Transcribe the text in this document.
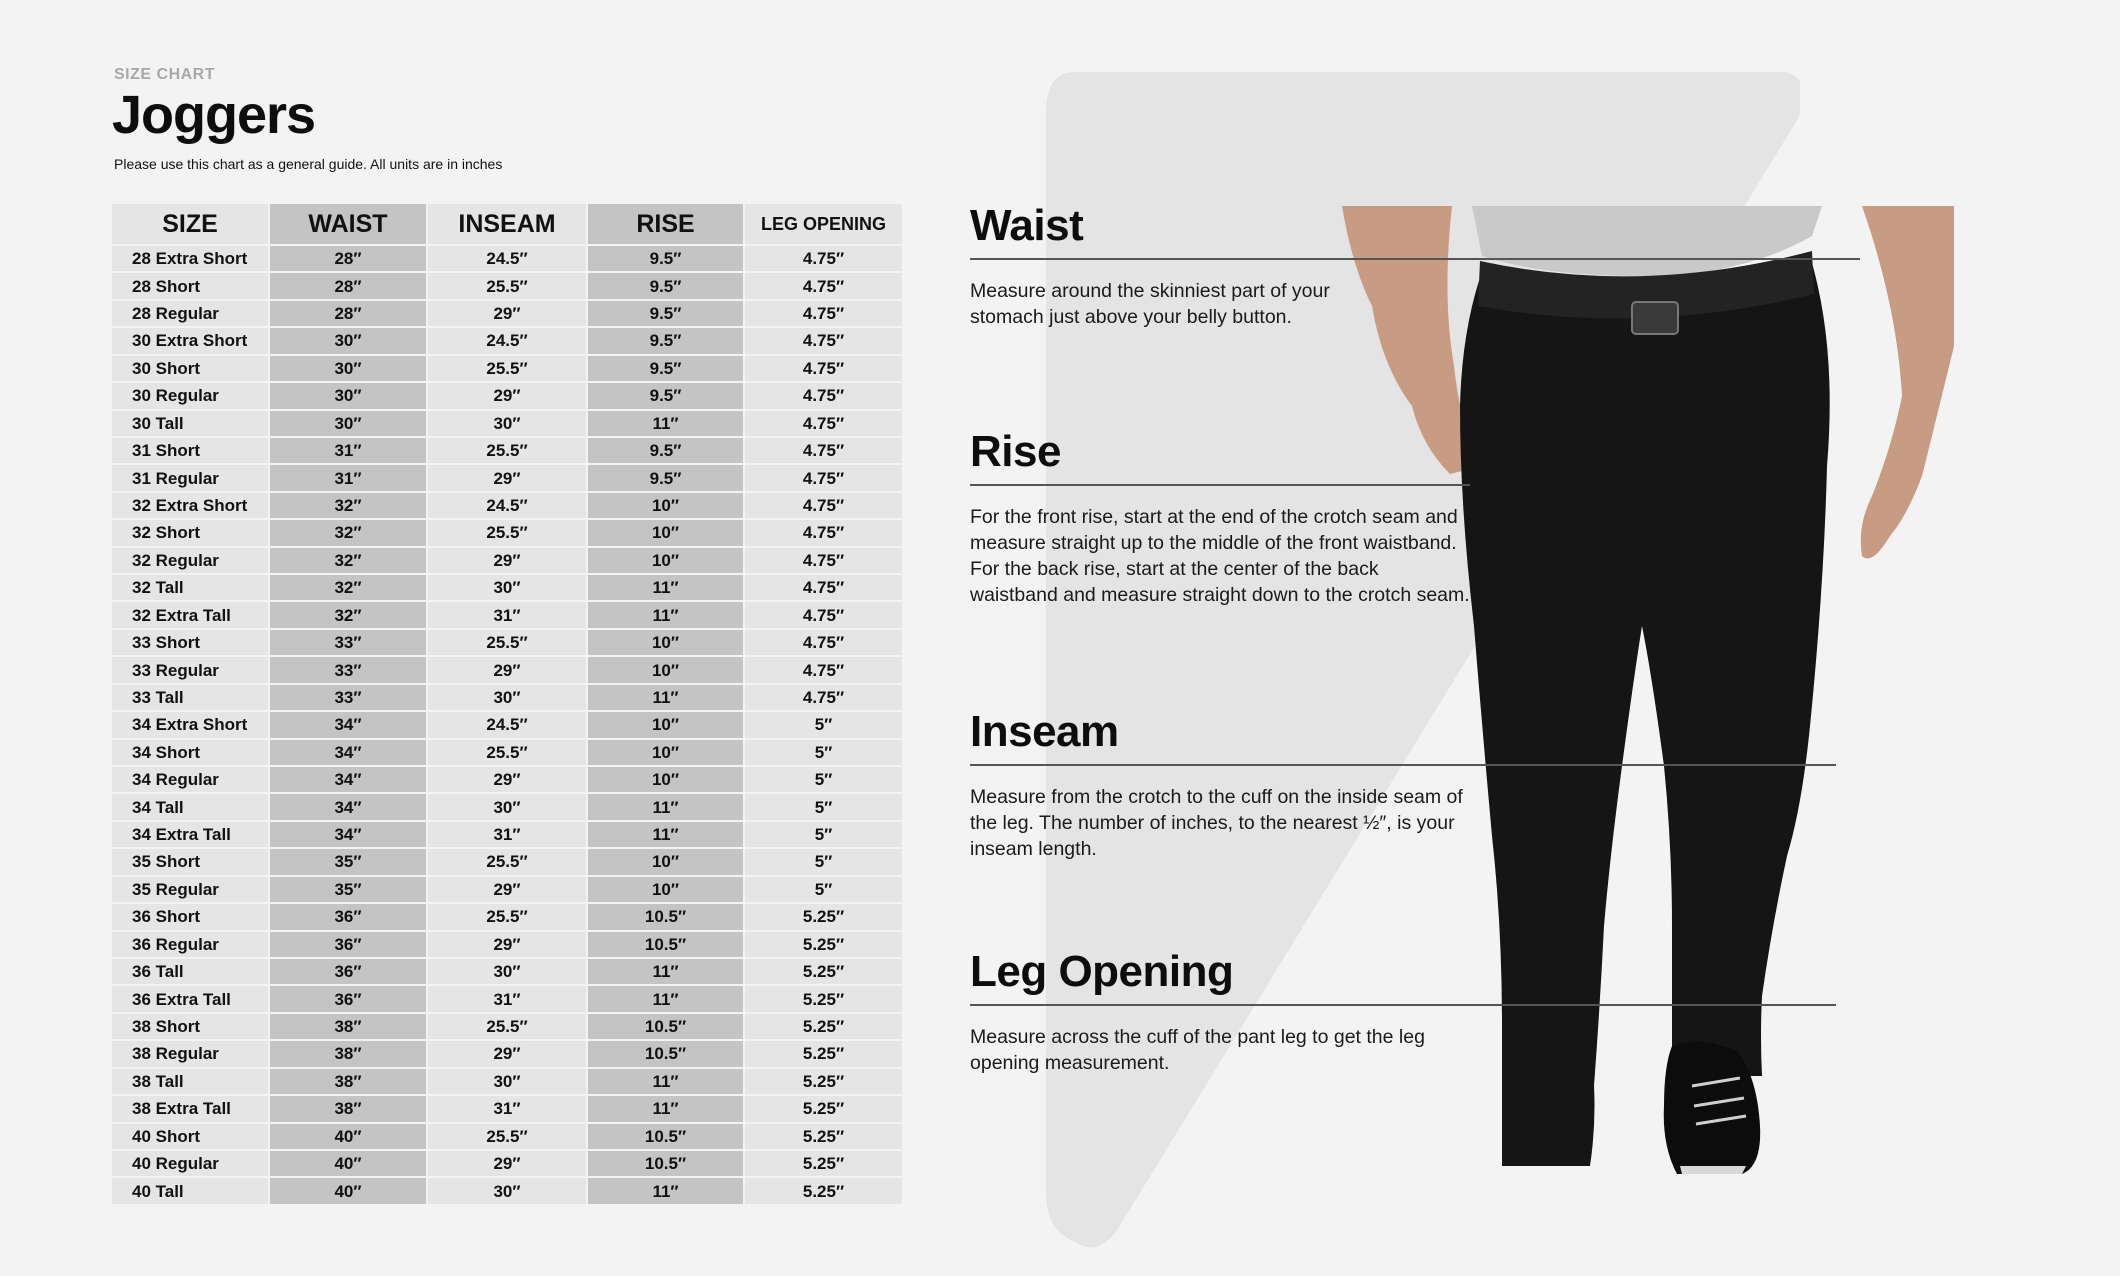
SIZE CHART
Joggers
Please use this chart as a general guide. All units are in inches
SIZE	WAIST	INSEAM	RISE	LEG OPENING
28 Extra Short	28″	24.5″	9.5″	4.75″
28 Short	28″	25.5″	9.5″	4.75″
28 Regular	28″	29″	9.5″	4.75″
30 Extra Short	30″	24.5″	9.5″	4.75″
30 Short	30″	25.5″	9.5″	4.75″
30 Regular	30″	29″	9.5″	4.75″
30 Tall	30″	30″	11″	4.75″
31 Short	31″	25.5″	9.5″	4.75″
31 Regular	31″	29″	9.5″	4.75″
32 Extra Short	32″	24.5″	10″	4.75″
32 Short	32″	25.5″	10″	4.75″
32 Regular	32″	29″	10″	4.75″
32 Tall	32″	30″	11″	4.75″
32 Extra Tall	32″	31″	11″	4.75″
33 Short	33″	25.5″	10″	4.75″
33 Regular	33″	29″	10″	4.75″
33 Tall	33″	30″	11″	4.75″
34 Extra Short	34″	24.5″	10″	5″
34 Short	34″	25.5″	10″	5″
34 Regular	34″	29″	10″	5″
34 Tall	34″	30″	11″	5″
34 Extra Tall	34″	31″	11″	5″
35 Short	35″	25.5″	10″	5″
35 Regular	35″	29″	10″	5″
36 Short	36″	25.5″	10.5″	5.25″
36 Regular	36″	29″	10.5″	5.25″
36 Tall	36″	30″	11″	5.25″
36 Extra Tall	36″	31″	11″	5.25″
38 Short	38″	25.5″	10.5″	5.25″
38 Regular	38″	29″	10.5″	5.25″
38 Tall	38″	30″	11″	5.25″
38 Extra Tall	38″	31″	11″	5.25″
40 Short	40″	25.5″	10.5″	5.25″
40 Regular	40″	29″	10.5″	5.25″
40 Tall	40″	30″	11″	5.25″
Waist

Measure around the skinniest part of your stomach just above your belly button.

Rise

For the front rise, start at the end of the crotch seam and measure straight up to the middle of the front waistband. For the back rise, start at the center of the back waistband and measure straight down to the crotch seam.

Inseam

Measure from the crotch to the cuff on the inside seam of the leg. The number of inches, to the nearest ½″, is your inseam length.

Leg Opening

Measure across the cuff of the pant leg to get the leg opening measurement.
